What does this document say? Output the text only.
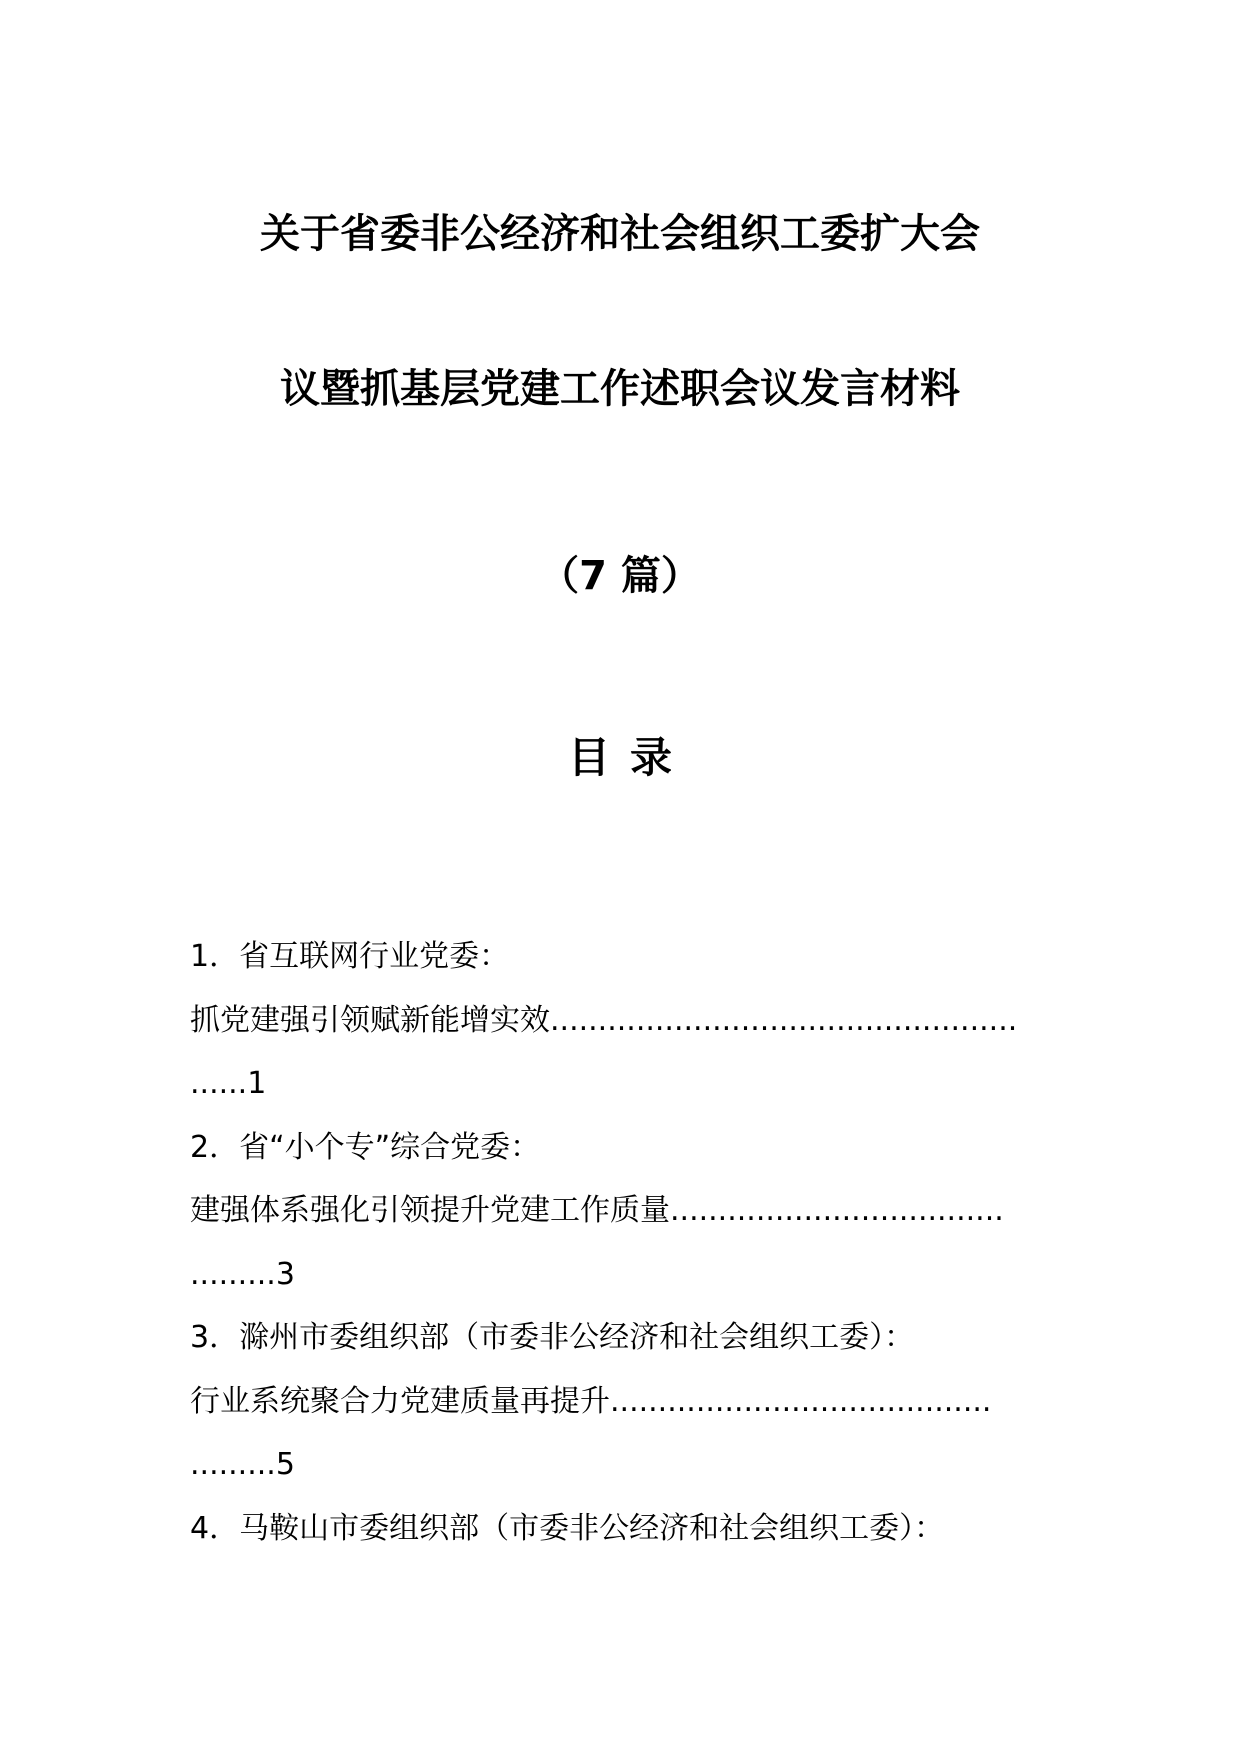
关于省委非公经济和社会组织工委扩大会
议暨抓基层党建工作述职会议发言材料
（7 篇）
目录
1．省互联网行业党委：
抓党建强引领赋新能增实效.................................................
......1
2．省“小个专”综合党委：
建强体系强化引领提升党建工作质量...................................
.........3
3．滁州市委组织部（市委非公经济和社会组织工委）：
行业系统聚合力党建质量再提升........................................
.........5
4．马鞍山市委组织部（市委非公经济和社会组织工委）：
